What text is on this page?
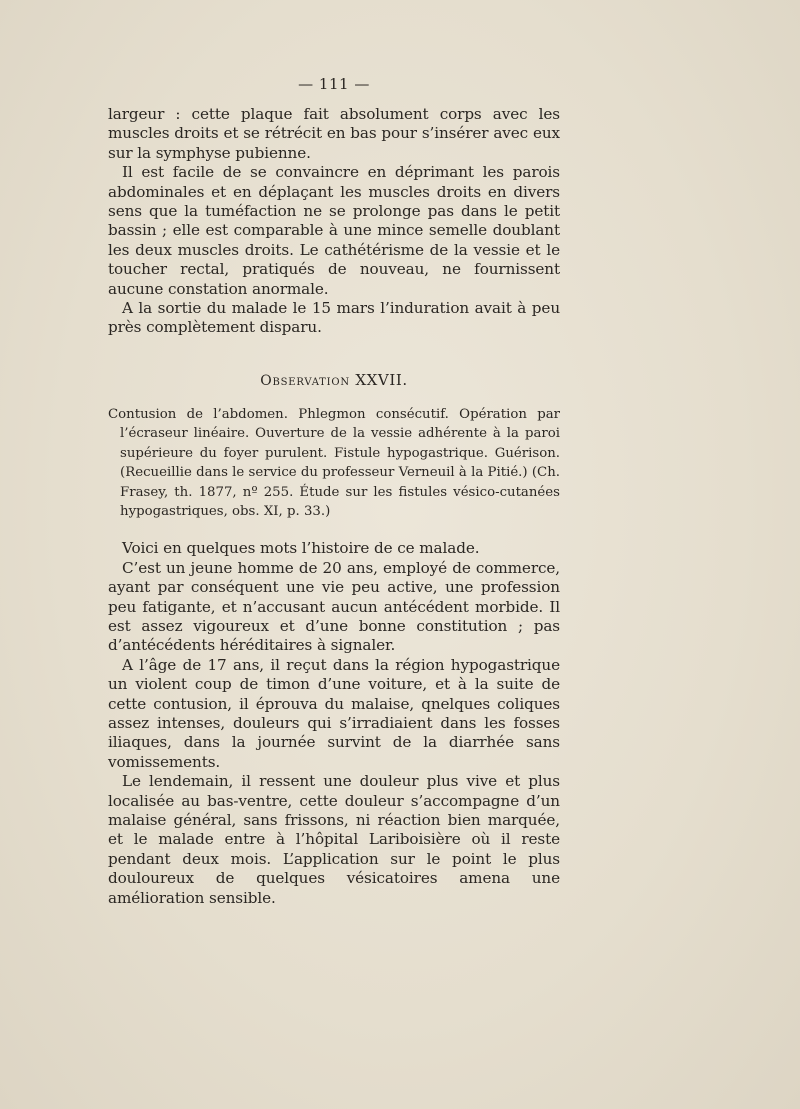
— 111 —

largeur : cette plaque fait absolument corps avec les muscles droits et se rétrécit en bas pour s’insérer avec eux sur la symphyse pubienne.

Il est facile de se convaincre en déprimant les parois abdominales et en déplaçant les muscles droits en divers sens que la tuméfaction ne se prolonge pas dans le petit bassin ; elle est comparable à une mince semelle doublant les deux muscles droits. Le cathétérisme de la vessie et le toucher rectal, pratiqués de nouveau, ne fournissent aucune constation anormale.

A la sortie du malade le 15 mars l’induration avait à peu près complètement disparu.

Observation XXVII.

Contusion de l’abdomen. Phlegmon consécutif. Opération par l’écraseur linéaire. Ouverture de la vessie adhérente à la paroi supérieure du foyer purulent. Fistule hypogastrique. Guérison. (Recueillie dans le service du professeur Verneuil à la Pitié.) (Ch. Frasey, th. 1877, nº 255. Étude sur les fistules vésico-cutanées hypogastriques, obs. XI, p. 33.)

Voici en quelques mots l’histoire de ce malade.

C’est un jeune homme de 20 ans, employé de commerce, ayant par conséquent une vie peu active, une profession peu fatigante, et n’accusant aucun antécédent morbide. Il est assez vigoureux et d’une bonne constitution ; pas d’antécédents héréditaires à signaler.

A l’âge de 17 ans, il reçut dans la région hypogastrique un violent coup de timon d’une voiture, et à la suite de cette contusion, il éprouva du malaise, qnelques coliques assez intenses, douleurs qui s’irradiaient dans les fosses iliaques, dans la journée survint de la diarrhée sans vomissements.

Le lendemain, il ressent une douleur plus vive et plus localisée au bas-ventre, cette douleur s’accompagne d’un malaise général, sans frissons, ni réaction bien marquée, et le malade entre à l’hôpital Lariboisière où il reste pendant deux mois. L’application sur le point le plus douloureux de quelques vésicatoires amena une amélioration sensible.
